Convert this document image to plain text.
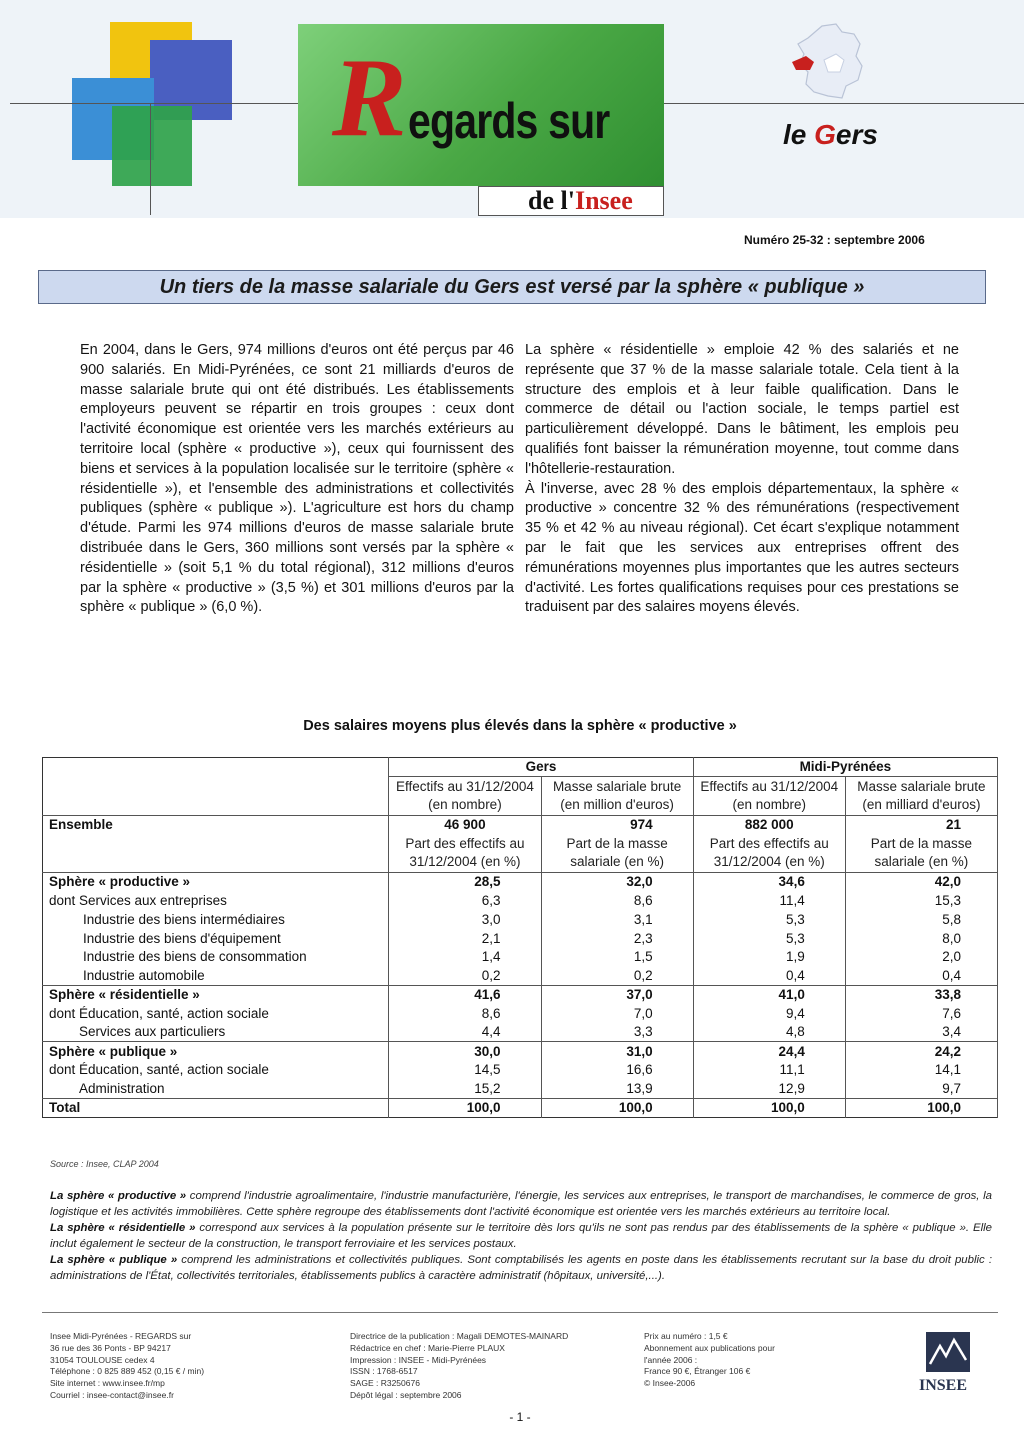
R egards sur
de l'Insee
le Gers
Numéro 25-32 : septembre 2006
Un tiers de la masse salariale du Gers est versé par la sphère « publique »

En 2004, dans le Gers, 974 millions d'euros ont été perçus par 46 900 salariés. En Midi-Pyrénées, ce sont 21 milliards d'euros de masse salariale brute qui ont été distribués. Les établissements employeurs peuvent se répartir en trois groupes : ceux dont l'activité économique est orientée vers les marchés extérieurs au territoire local (sphère « productive »), ceux qui fournissent des biens et services à la population localisée sur le territoire (sphère « résidentielle »), et l'ensemble des administrations et collectivités publiques (sphère « publique »). L'agriculture est hors du champ d'étude. Parmi les 974 millions d'euros de masse salariale brute distribuée dans le Gers, 360 millions sont versés par la sphère « résidentielle » (soit 5,1 % du total régional), 312 millions d'euros par la sphère « productive » (3,5 %) et 301 millions d'euros par la sphère « publique » (6,0 %).

La sphère « résidentielle » emploie 42 % des salariés et ne représente que 37 % de la masse salariale totale. Cela tient à la structure des emplois et à leur faible qualification. Dans le commerce de détail ou l'action sociale, le temps partiel est particulièrement développé. Dans le bâtiment, les emplois peu qualifiés font baisser la rémunération moyenne, tout comme dans l'hôtellerie-restauration.

À l'inverse, avec 28 % des emplois départementaux, la sphère « productive » concentre 32 % des rémunérations (respectivement 35 % et 42 % au niveau régional). Cet écart s'explique notamment par le fait que les services aux entreprises offrent des rémunérations moyennes plus importantes que les autres secteurs d'activité. Les fortes qualifications requises pour ces prestations se traduisent par des salaires moyens élevés.

Des salaires moyens plus élevés dans la sphère « productive »
	Gers		Midi-Pyrénées	
	Effectifs au 31/12/2004 (en nombre)	Masse salariale brute (en million d'euros)	Effectifs au 31/12/2004 (en nombre)	Masse salariale brute (en milliard d'euros)
Ensemble	46 900	974	882 000	21
	Part des effectifs au 31/12/2004 (en %)	Part de la masse salariale (en %)	Part des effectifs au 31/12/2004 (en %)	Part de la masse salariale (en %)
Sphère « productive »	28,5	32,0	34,6	42,0
dont Services aux entreprises	6,3	8,6	11,4	15,3
Industrie des biens intermédiaires	3,0	3,1	5,3	5,8
Industrie des biens d'équipement	2,1	2,3	5,3	8,0
Industrie des biens de consommation	1,4	1,5	1,9	2,0
Industrie automobile	0,2	0,2	0,4	0,4
Sphère « résidentielle »	41,6	37,0	41,0	33,8
dont Éducation, santé, action sociale	8,6	7,0	9,4	7,6
Services aux particuliers	4,4	3,3	4,8	3,4
Sphère « publique »	30,0	31,0	24,4	24,2
dont Éducation, santé, action sociale	14,5	16,6	11,1	14,1
Administration	15,2	13,9	12,9	9,7
Total	100,0	100,0	100,0	100,0
Source : Insee, CLAP 2004
La sphère « productive » comprend l'industrie agroalimentaire, l'industrie manufacturière, l'énergie, les services aux entreprises, le transport de marchandises, le commerce de gros, la logistique et les activités immobilières. Cette sphère regroupe des établissements dont l'activité économique est orientée vers les marchés extérieurs au territoire local.
La sphère « résidentielle » correspond aux services à la population présente sur le territoire dès lors qu'ils ne sont pas rendus par des établissements de la sphère « publique ». Elle inclut également le secteur de la construction, le transport ferroviaire et les services postaux.
La sphère « publique » comprend les administrations et collectivités publiques. Sont comptabilisés les agents en poste dans les établissements recrutant sur la base du droit public : administrations de l'État, collectivités territoriales, établissements publics à caractère administratif (hôpitaux, université,...).
Insee Midi-Pyrénées - REGARDS sur
36 rue des 36 Ponts - BP 94217
31054 TOULOUSE cedex 4
Téléphone : 0 825 889 452 (0,15 € / min)
Site internet : www.insee.fr/mp
Courriel : insee-contact@insee.fr
Directrice de la publication : Magali DEMOTES-MAINARD
Rédactrice en chef : Marie-Pierre PLAUX
Impression : INSEE - Midi-Pyrénées
ISSN : 1768-6517
SAGE : R3250676
Dépôt légal : septembre 2006
Prix au numéro : 1,5 €
Abonnement aux publications pour
l'année 2006 :
France 90 €, Étranger 106 €
© Insee-2006	INSEE
- 1 -
